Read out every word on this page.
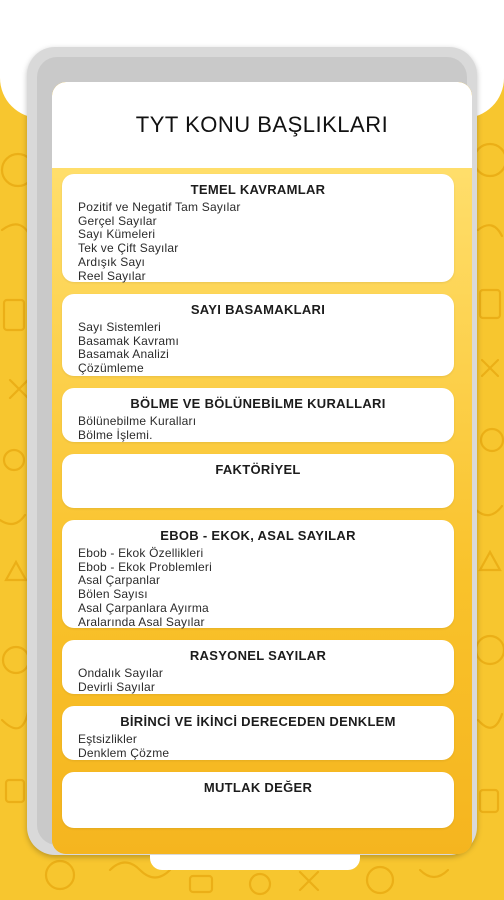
TYT KONU BAŞLIKLARI
TEMEL KAVRAMLAR
Pozitif ve Negatif Tam Sayılar
Gerçel Sayılar
Sayı Kümeleri
Tek ve Çift Sayılar
Ardışık Sayı
Reel Sayılar
SAYI BASAMAKLARI
Sayı Sistemleri
Basamak Kavramı
Basamak Analizi
Çözümleme
BÖLME VE BÖLÜNEBİLME KURALLARI
Bölünebilme Kuralları
Bölme İşlemi.
FAKTÖRİYEL
EBOB - EKOK, ASAL SAYILAR
Ebob - Ekok Özellikleri
Ebob - Ekok Problemleri
Asal Çarpanlar
Bölen Sayısı
Asal Çarpanlara Ayırma
Aralarında Asal Sayılar
RASYONEL SAYILAR
Ondalık Sayılar
Devirli Sayılar
BİRİNCİ VE İKİNCİ DERECEDEN DENKLEM
Eştsizlikler
Denklem Çözme
MUTLAK DEĞER
